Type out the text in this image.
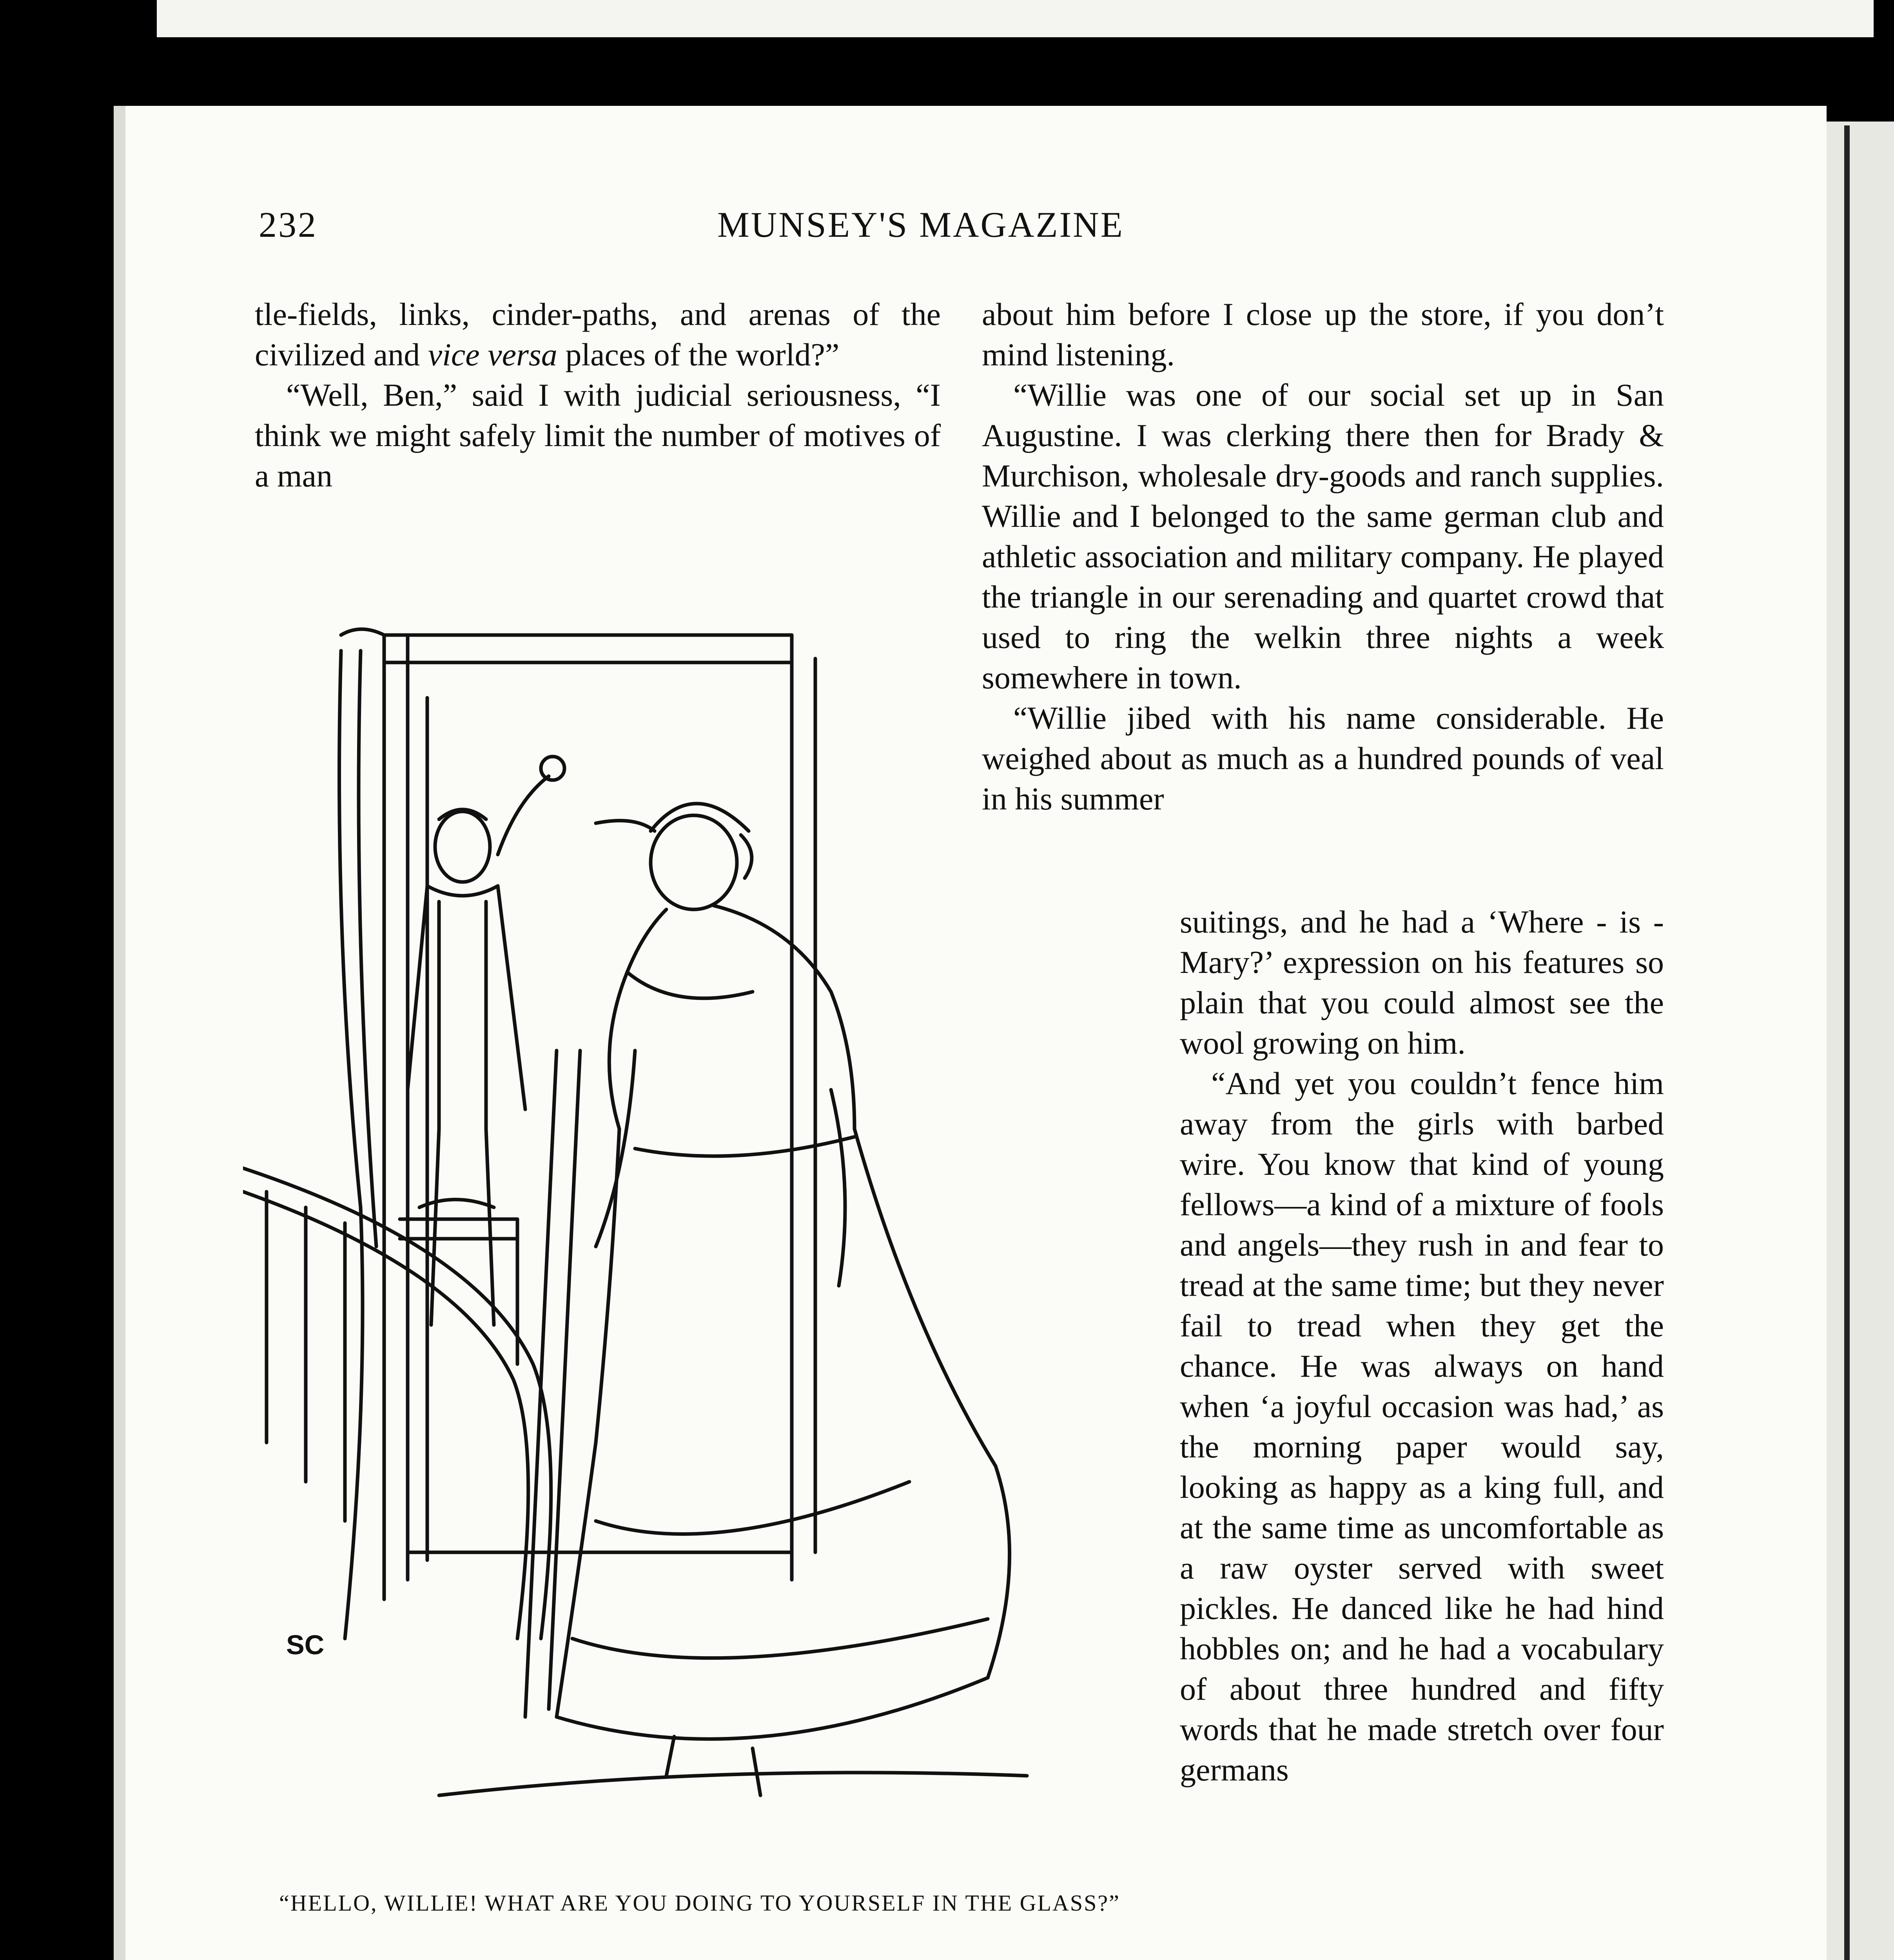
232	MUNSEY'S MAGAZINE

tle-fields, links, cinder-paths, and arenas of the civilized and vice versa places of the world?”

“Well, Ben,” said I with judicial seriousness, “I think we might safely limit the number of motives of a man

about him before I close up the store, if you don’t mind listening.

“Willie was one of our social set up in San Augustine. I was clerking there then for Brady & Murchison, wholesale dry-goods and ranch supplies. Willie and I belonged to the same german club and athletic association and military company. He played the triangle in our serenading and quartet crowd that used to ring the welkin three nights a week somewhere in town.

“Willie jibed with his name considerable. He weighed about as much as a hundred pounds of veal in his summer

suitings, and he had a ‘Where - is - Mary?’ expression on his features so plain that you could almost see the wool growing on him.

“And yet you couldn’t fence him away from the girls with barbed wire. You know that kind of young fellows—a kind of a mixture of fools and angels—they rush in and fear to tread at the same time; but they never fail to tread when they get the chance. He was always on hand when ‘a joyful occasion was had,’ as the morning paper would say, looking as happy as a king full, and at the same time as uncomfortable as a raw oyster served with sweet pickles. He danced like he had hind hobbles on; and he had a vocabulary of about three hundred and fifty words that he made stretch over four germans

SC
“HELLO, WILLIE! WHAT ARE YOU DOING TO YOURSELF IN THE GLASS?”
